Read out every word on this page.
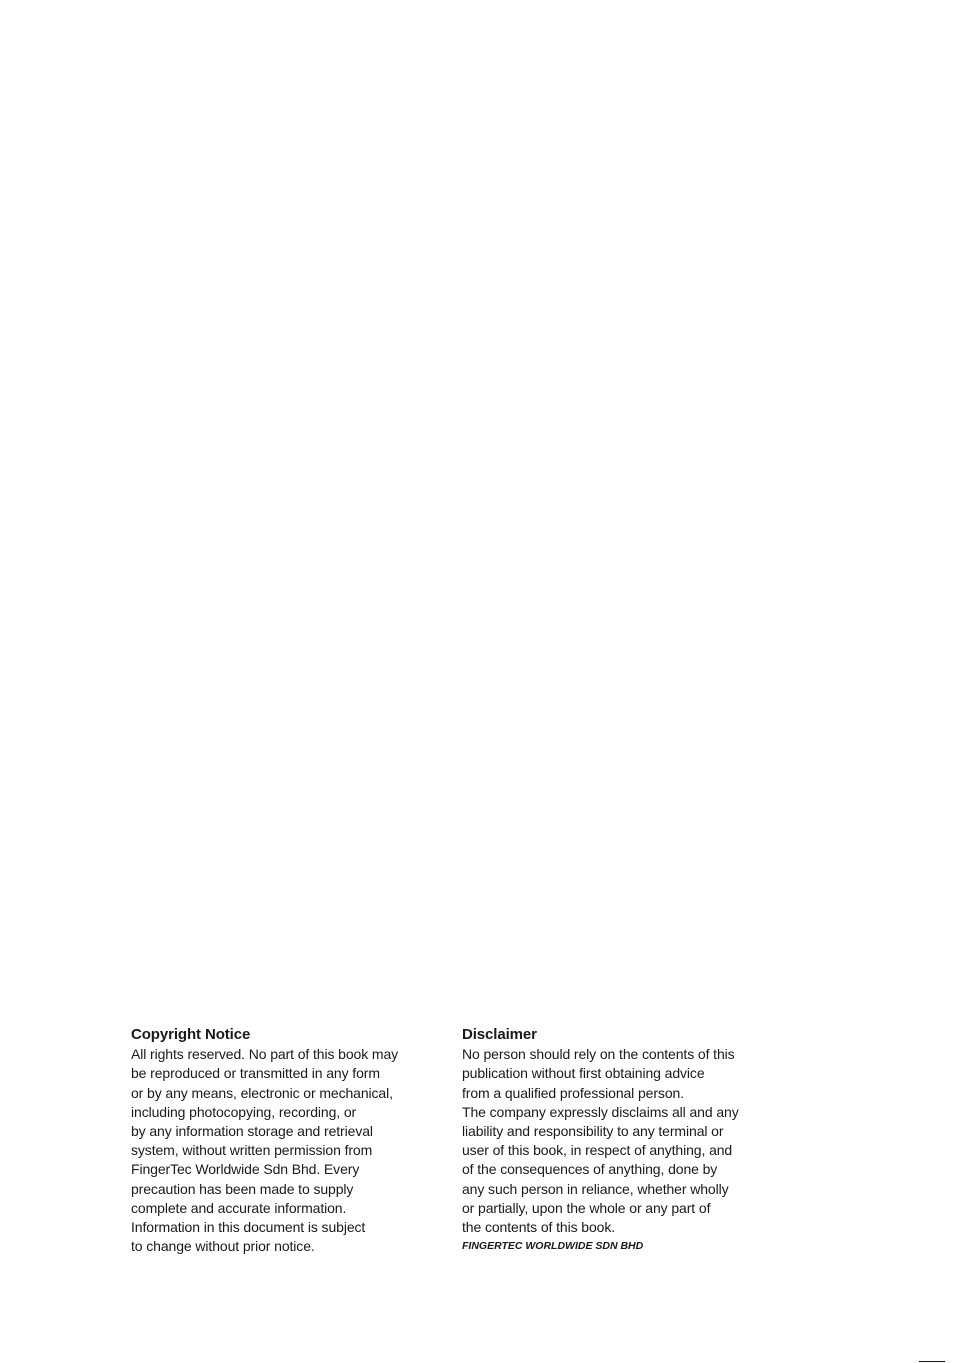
Copyright Notice
All rights reserved. No part of this book may
be reproduced or transmitted in any form
or by any means, electronic or mechanical,
including photocopying, recording, or
by any information storage and retrieval
system, without written permission from
FingerTec Worldwide Sdn Bhd. Every
precaution has been made to supply
complete and accurate information.
Information in this document is subject
to change without prior notice.
Disclaimer
No person should rely on the contents of this
publication without first obtaining advice
from a qualified professional person.
The company expressly disclaims all and any
liability and responsibility to any terminal or
user of this book, in respect of anything, and
of the consequences of anything, done by
any such person in reliance, whether wholly
or partially, upon the whole or any part of
the contents of this book.
FINGERTEC WORLDWIDE SDN BHD
